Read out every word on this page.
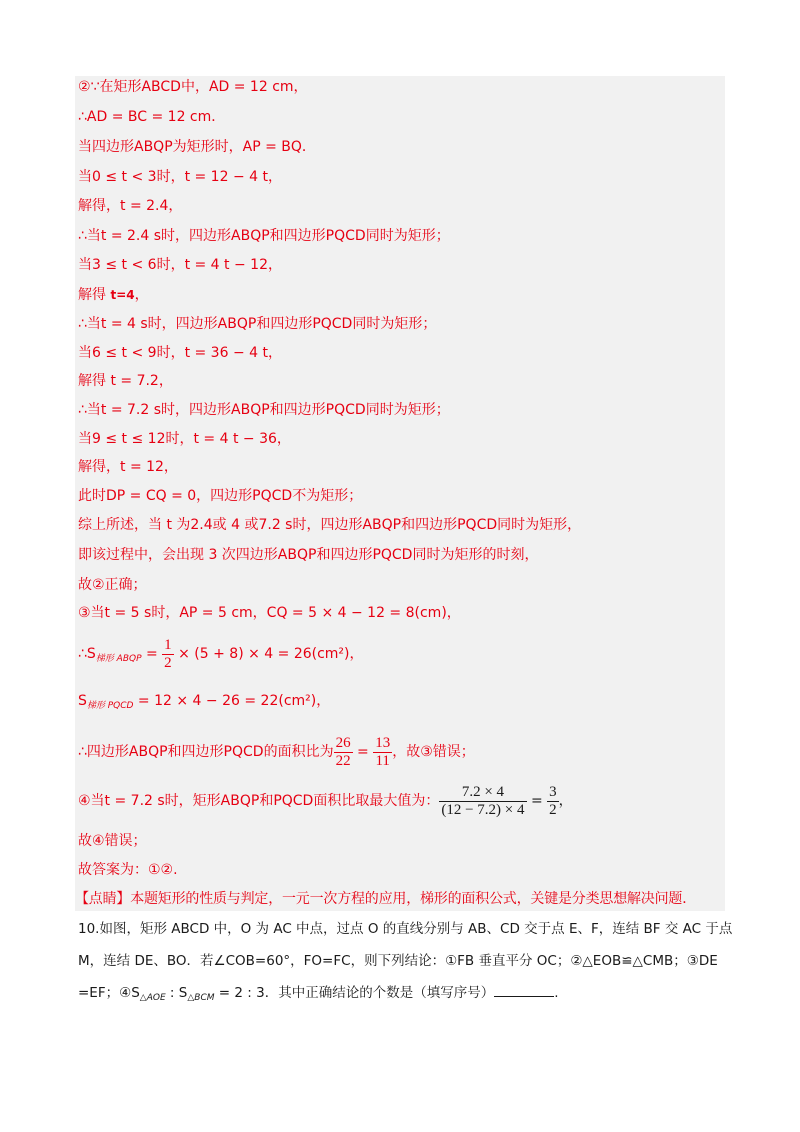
②∵在矩形ABCD中，AD = 12 cm，
∴AD = BC = 12 cm．
当四边形ABQP为矩形时，AP = BQ．
当0 ≤ t < 3时，t = 12 − 4 t，
解得，t = 2.4，
∴当t = 2.4 s时，四边形ABQP和四边形PQCD同时为矩形；
当3 ≤ t < 6时，t = 4 t − 12，
解得 t=4，
∴当t = 4 s时，四边形ABQP和四边形PQCD同时为矩形；
当6 ≤ t < 9时，t = 36 − 4 t，
解得 t = 7.2，
∴当t = 7.2 s时，四边形ABQP和四边形PQCD同时为矩形；
当9 ≤ t ≤ 12时，t = 4 t − 36，
解得，t = 12，
此时DP = CQ = 0，四边形PQCD不为矩形；
综上所述，当 t 为2.4或 4 或7.2 s时，四边形ABQP和四边形PQCD同时为矩形，
即该过程中，会出现 3 次四边形ABQP和四边形PQCD同时为矩形的时刻，
故②正确；
③当t = 5 s时，AP = 5 cm，CQ = 5 × 4 − 12 = 8(cm)，
$\therefore S_{梯形 ABQP} = \frac{1}{2} \times (5 + 8) \times 4 = 26(cm^2)$，
$S_{梯形 PQCD} = 12 \times 4 - 26 = 22(cm^2)$，
∴四边形ABQP和四边形PQCD的面积比为 $\frac{26}{22} = \frac{13}{11}$ ，故③错误；
④当t = 7.2 s时，矩形ABQP和PQCD面积比取最大值为： $\frac{7.2 \times 4}{(12 - 7.2) \times 4} = \frac{3}{2}$ ，
故④错误；
故答案为：①②.
【点睛】本题矩形的性质与判定，一元一次方程的应用，梯形的面积公式，关键是分类思想解决问题．
10.如图，矩形 ABCD 中，O 为 AC 中点，过点 O 的直线分别与 AB、CD 交于点 E、F，连结 BF 交 AC 于点
M，连结 DE、BO．若∠COB=60°，FO=FC，则下列结论：①FB 垂直平分 OC；②△EOB≌△CMB；③DE
=EF；$④S_{\triangle AOE}$ : $S_{\triangle BCM} = 2$ : 3．其中正确结论的个数是（填写序号）	.
